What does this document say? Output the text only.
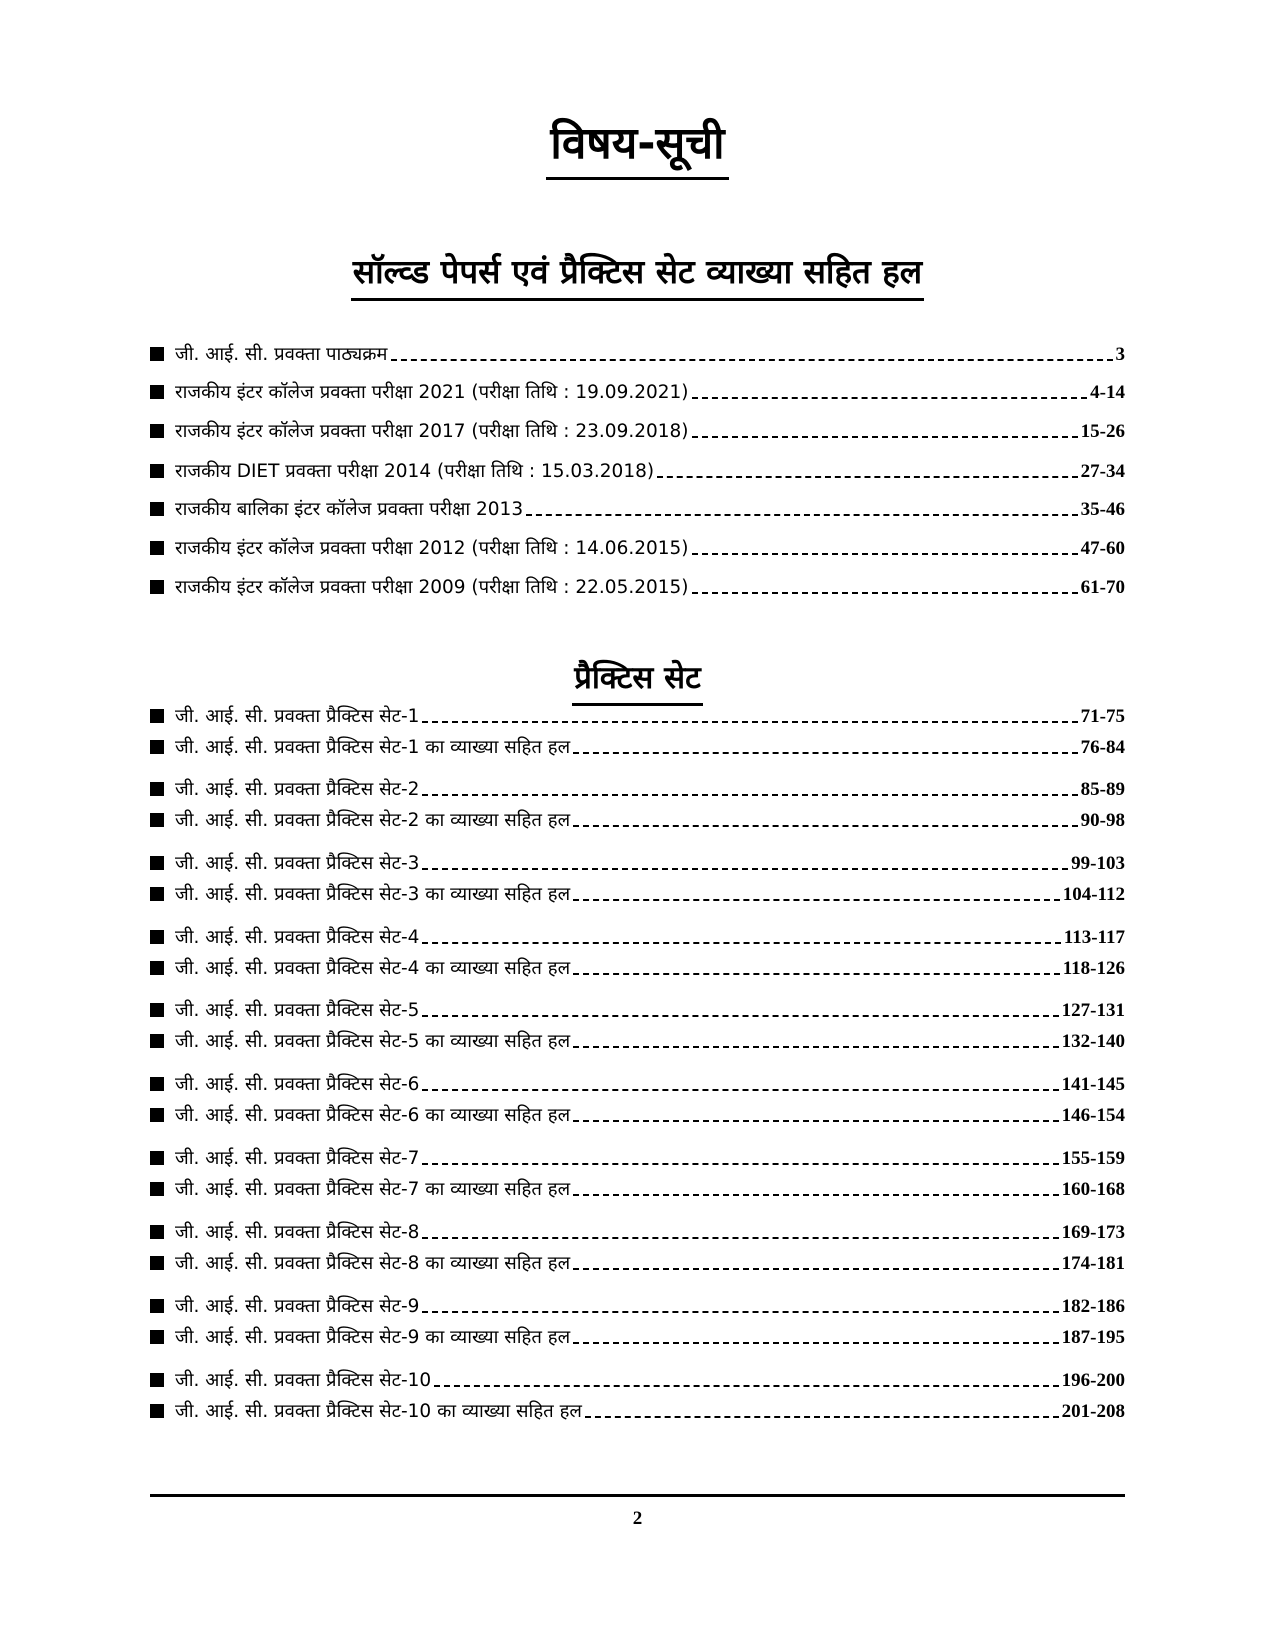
विषय-सूची
सॉल्व्ड पेपर्स एवं प्रैक्टिस सेट व्याख्या सहित हल
जी. आई. सी. प्रवक्ता पाठ्यक्रम	3
राजकीय इंटर कॉलेज प्रवक्ता परीक्षा 2021 (परीक्षा तिथि : 19.09.2021)	4-14
राजकीय इंटर कॉलेज प्रवक्ता परीक्षा 2017 (परीक्षा तिथि : 23.09.2018)	15-26
राजकीय DIET प्रवक्ता परीक्षा 2014 (परीक्षा तिथि : 15.03.2018)	27-34
राजकीय बालिका इंटर कॉलेज प्रवक्ता परीक्षा 2013	35-46
राजकीय इंटर कॉलेज प्रवक्ता परीक्षा 2012 (परीक्षा तिथि : 14.06.2015)	47-60
राजकीय इंटर कॉलेज प्रवक्ता परीक्षा 2009 (परीक्षा तिथि : 22.05.2015)	61-70
प्रैक्टिस सेट
जी. आई. सी. प्रवक्ता प्रैक्टिस सेट-1	71-75
जी. आई. सी. प्रवक्ता प्रैक्टिस सेट-1 का व्याख्या सहित हल	76-84
जी. आई. सी. प्रवक्ता प्रैक्टिस सेट-2	85-89
जी. आई. सी. प्रवक्ता प्रैक्टिस सेट-2 का व्याख्या सहित हल	90-98
जी. आई. सी. प्रवक्ता प्रैक्टिस सेट-3	99-103
जी. आई. सी. प्रवक्ता प्रैक्टिस सेट-3 का व्याख्या सहित हल	104-112
जी. आई. सी. प्रवक्ता प्रैक्टिस सेट-4	113-117
जी. आई. सी. प्रवक्ता प्रैक्टिस सेट-4 का व्याख्या सहित हल	118-126
जी. आई. सी. प्रवक्ता प्रैक्टिस सेट-5	127-131
जी. आई. सी. प्रवक्ता प्रैक्टिस सेट-5 का व्याख्या सहित हल	132-140
जी. आई. सी. प्रवक्ता प्रैक्टिस सेट-6	141-145
जी. आई. सी. प्रवक्ता प्रैक्टिस सेट-6 का व्याख्या सहित हल	146-154
जी. आई. सी. प्रवक्ता प्रैक्टिस सेट-7	155-159
जी. आई. सी. प्रवक्ता प्रैक्टिस सेट-7 का व्याख्या सहित हल	160-168
जी. आई. सी. प्रवक्ता प्रैक्टिस सेट-8	169-173
जी. आई. सी. प्रवक्ता प्रैक्टिस सेट-8 का व्याख्या सहित हल	174-181
जी. आई. सी. प्रवक्ता प्रैक्टिस सेट-9	182-186
जी. आई. सी. प्रवक्ता प्रैक्टिस सेट-9 का व्याख्या सहित हल	187-195
जी. आई. सी. प्रवक्ता प्रैक्टिस सेट-10	196-200
जी. आई. सी. प्रवक्ता प्रैक्टिस सेट-10 का व्याख्या सहित हल	201-208
2
